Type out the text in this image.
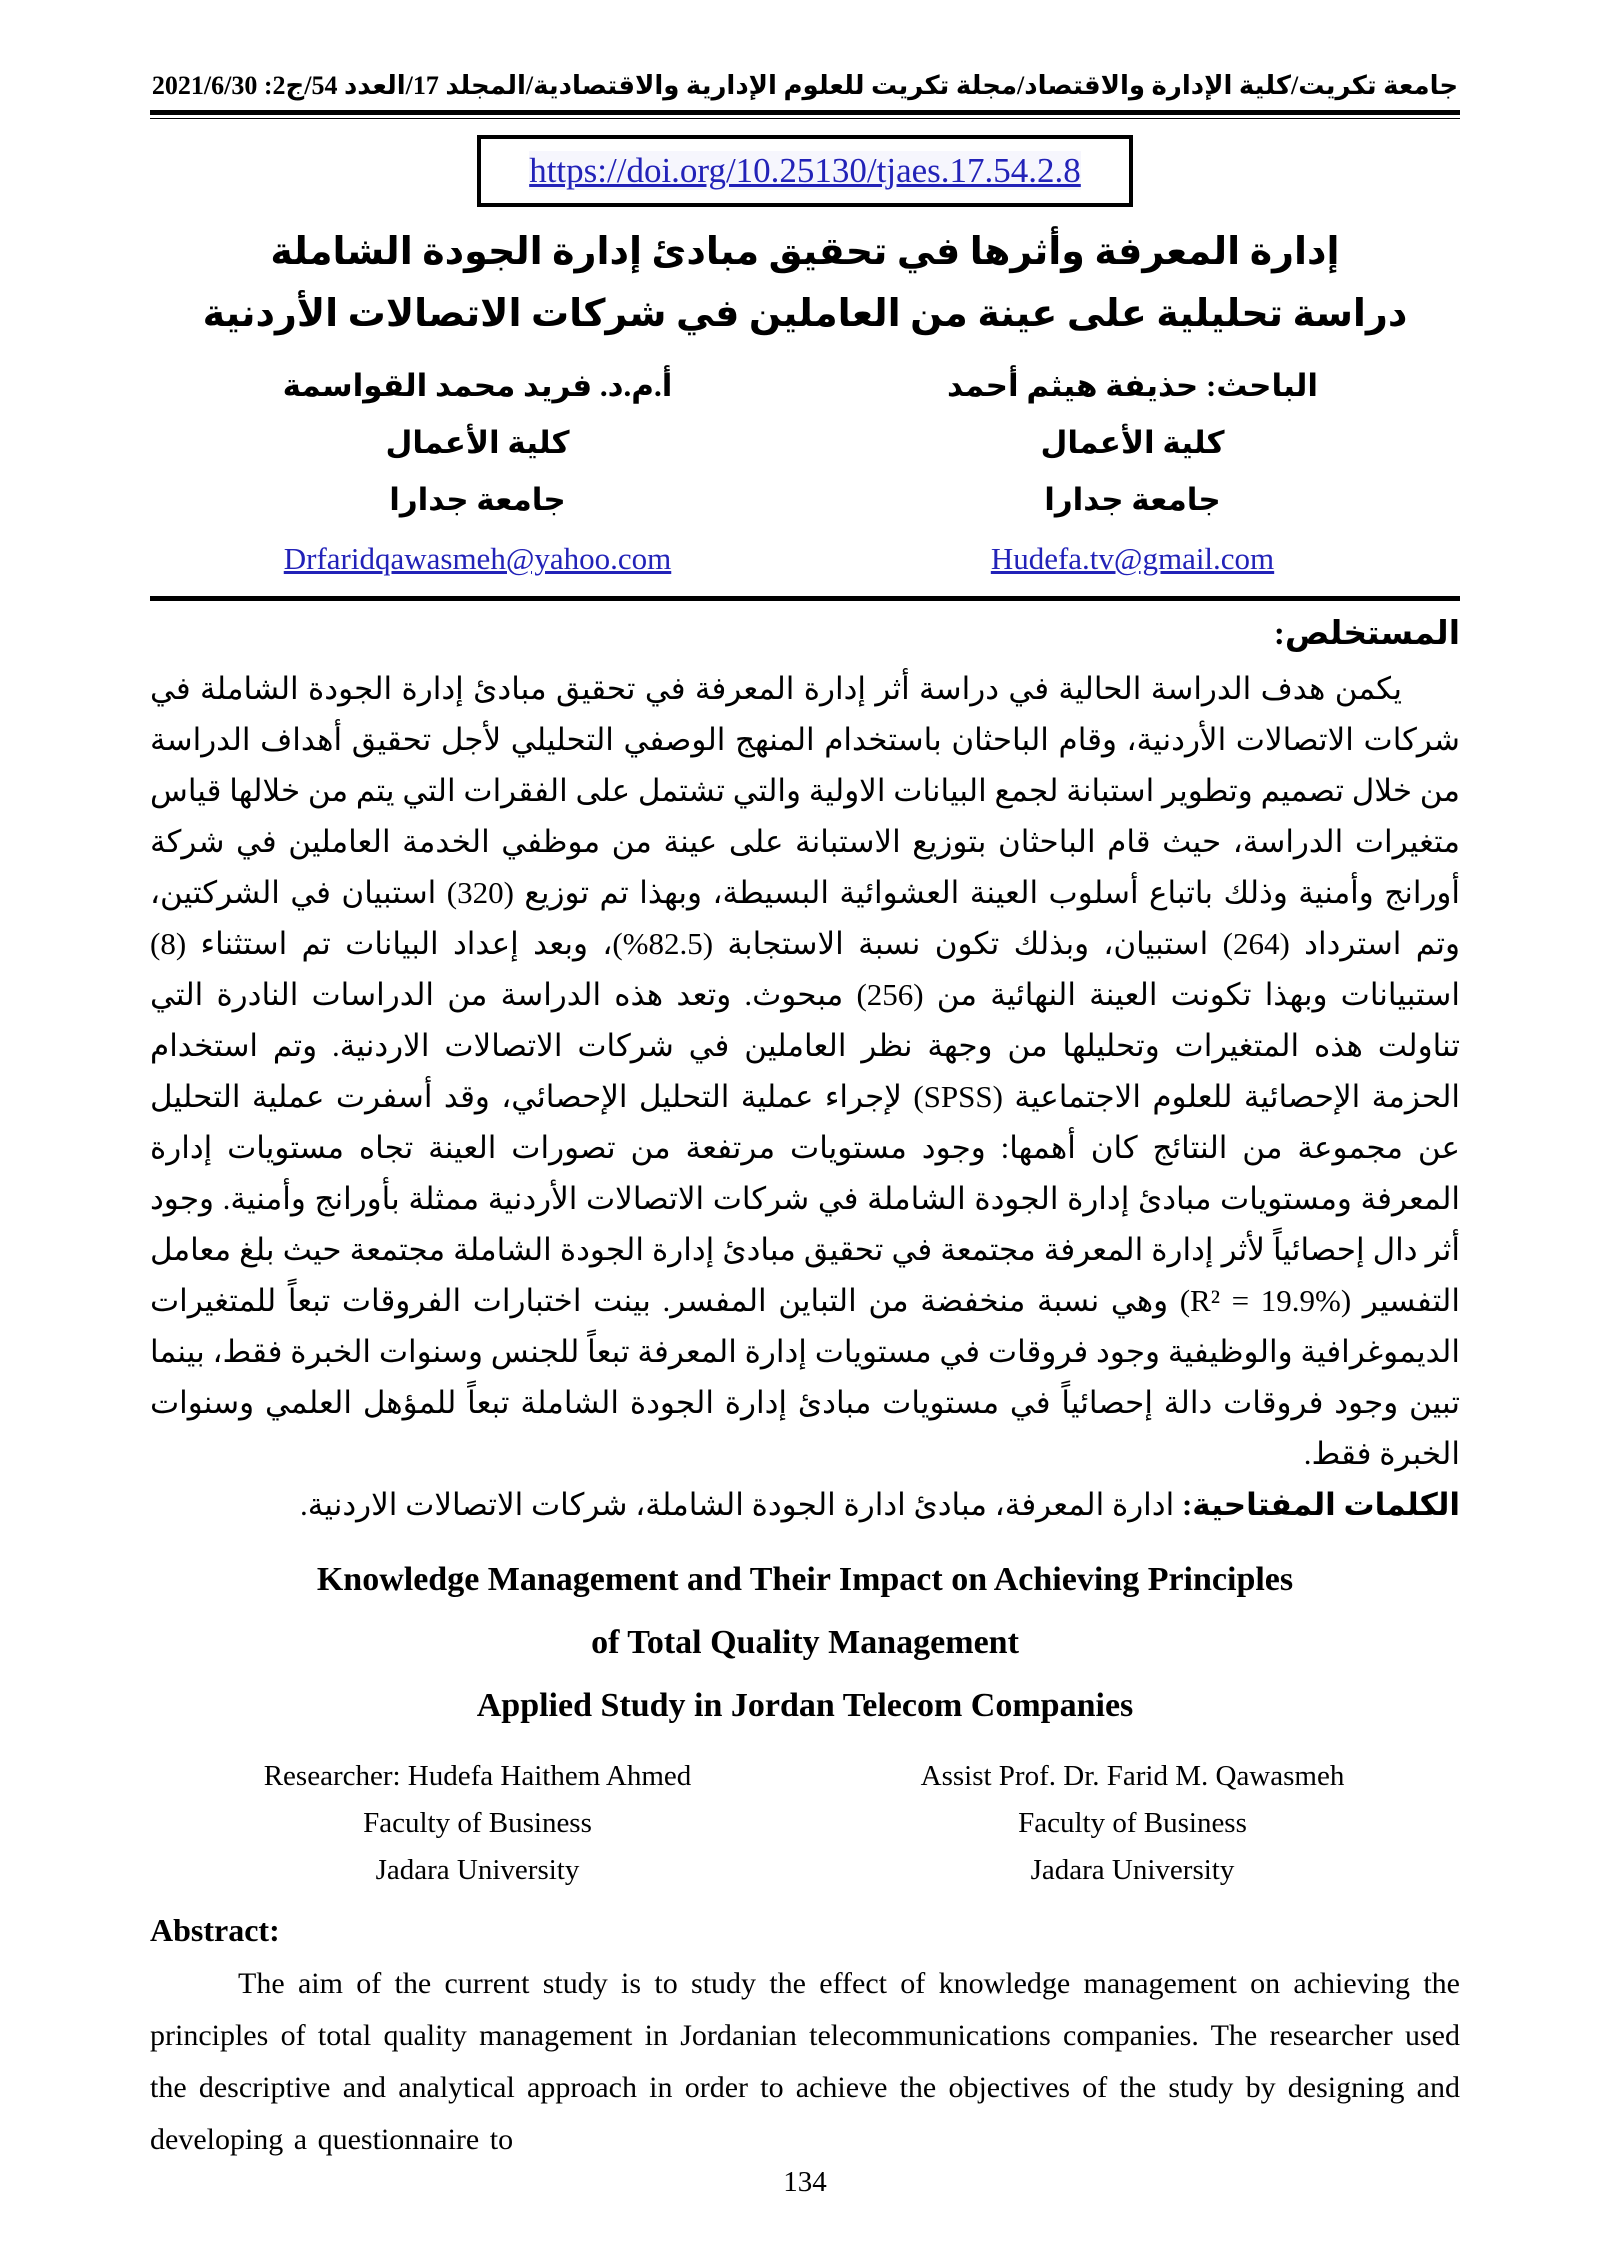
جامعة تكريت/كلية الإدارة والاقتصاد/مجلة تكريت للعلوم الإدارية والاقتصادية/المجلد 17/العدد 54/ج2: 2021/6/30
https://doi.org/10.25130/tjaes.17.54.2.8
إدارة المعرفة وأثرها في تحقيق مبادئ إدارة الجودة الشاملة
دراسة تحليلية على عينة من العاملين في شركات الاتصالات الأردنية
الباحث: حذيفة هيثم أحمد
كلية الأعمال
جامعة جدارا
Hudefa.tv@gmail.com
أ.م.د. فريد محمد القواسمة
كلية الأعمال
جامعة جدارا
Drfaridqawasmeh@yahoo.com
المستخلص:

يكمن هدف الدراسة الحالية في دراسة أثر إدارة المعرفة في تحقيق مبادئ إدارة الجودة الشاملة في شركات الاتصالات الأردنية، وقام الباحثان باستخدام المنهج الوصفي التحليلي لأجل تحقيق أهداف الدراسة من خلال تصميم وتطوير استبانة لجمع البيانات الاولية والتي تشتمل على الفقرات التي يتم من خلالها قياس متغيرات الدراسة، حيث قام الباحثان بتوزيع الاستبانة على عينة من موظفي الخدمة العاملين في شركة أورانج وأمنية وذلك باتباع أسلوب العينة العشوائية البسيطة، وبهذا تم توزيع (320) استبيان في الشركتين، وتم استرداد (264) استبيان، وبذلك تكون نسبة الاستجابة (82.5%)، وبعد إعداد البيانات تم استثناء (8) استبيانات وبهذا تكونت العينة النهائية من (256) مبحوث. وتعد هذه الدراسة من الدراسات النادرة التي تناولت هذه المتغيرات وتحليلها من وجهة نظر العاملين في شركات الاتصالات الاردنية. وتم استخدام الحزمة الإحصائية للعلوم الاجتماعية (SPSS) لإجراء عملية التحليل الإحصائي، وقد أسفرت عملية التحليل عن مجموعة من النتائج كان أهمها: وجود مستويات مرتفعة من تصورات العينة تجاه مستويات إدارة المعرفة ومستويات مبادئ إدارة الجودة الشاملة في شركات الاتصالات الأردنية ممثلة بأورانج وأمنية. وجود أثر دال إحصائياً لأثر إدارة المعرفة مجتمعة في تحقيق مبادئ إدارة الجودة الشاملة مجتمعة حيث بلغ معامل التفسير (R² = 19.9%) وهي نسبة منخفضة من التباين المفسر. بينت اختبارات الفروقات تبعاً للمتغيرات الديموغرافية والوظيفية وجود فروقات في مستويات إدارة المعرفة تبعاً للجنس وسنوات الخبرة فقط، بينما تبين وجود فروقات دالة إحصائياً في مستويات مبادئ إدارة الجودة الشاملة تبعاً للمؤهل العلمي وسنوات الخبرة فقط.

الكلمات المفتاحية: ادارة المعرفة، مبادئ ادارة الجودة الشاملة، شركات الاتصالات الاردنية.

Knowledge Management and Their Impact on Achieving Principles
of Total Quality Management
Applied Study in Jordan Telecom Companies
Researcher: Hudefa Haithem Ahmed
Faculty of Business
Jadara University
Assist Prof. Dr. Farid M. Qawasmeh
Faculty of Business
Jadara University
Abstract:

The aim of the current study is to study the effect of knowledge management on achieving the principles of total quality management in Jordanian telecommunications companies. The researcher used the descriptive and analytical approach in order to achieve the objectives of the study by designing and developing a questionnaire to

134
